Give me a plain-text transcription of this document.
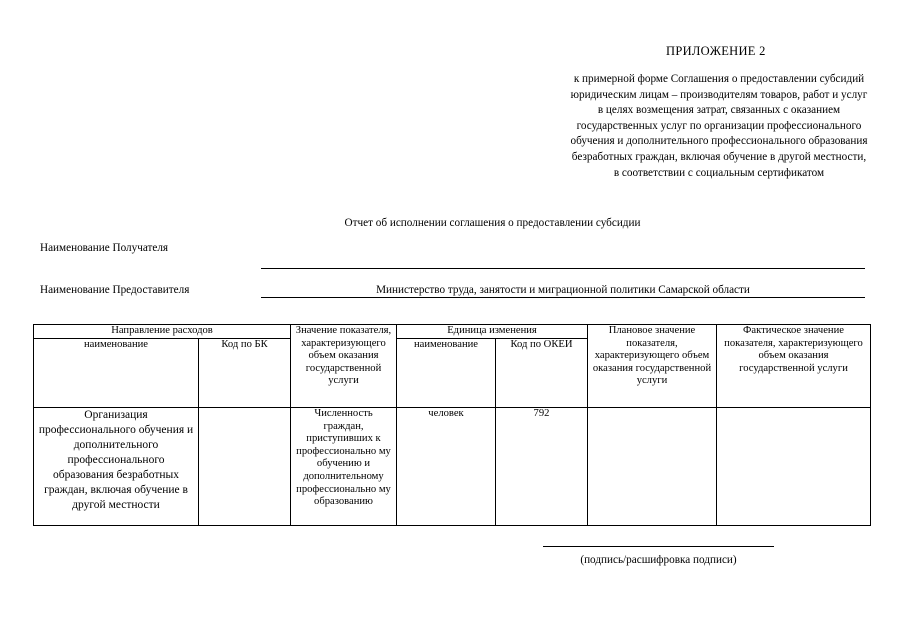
ПРИЛОЖЕНИЕ 2
к примерной форме Соглашения о предоставлении субсидий юридическим лицам – производителям товаров, работ и услуг в целях возмещения затрат, связанных с оказанием государственных услуг по организации профессионального обучения и дополнительного профессионального образования безработных граждан, включая обучение в другой местности, в соответствии с социальным сертификатом
Отчет об исполнении соглашения о предоставлении субсидии
Наименование Получателя
Наименование Предоставителя	Министерство труда, занятости и миграционной политики Самарской области
Направление расходов		Значение показателя, характеризующего объем оказания государственной услуги	Единица изменения		Плановое значение показателя, характеризующего объем оказания государственной услуги	Фактическое значение показателя, характеризующего объем оказания государственной услуги
наименование	Код по БК		наименование	Код по ОКЕИ		
Организация профессионального обучения и дополнительного профессионального образования безработных граждан, включая обучение в другой местности		Численность граждан, приступивших к профессионально му обучению и дополнительному профессионально му образованию	человек	792		
(подпись/расшифровка подписи)
